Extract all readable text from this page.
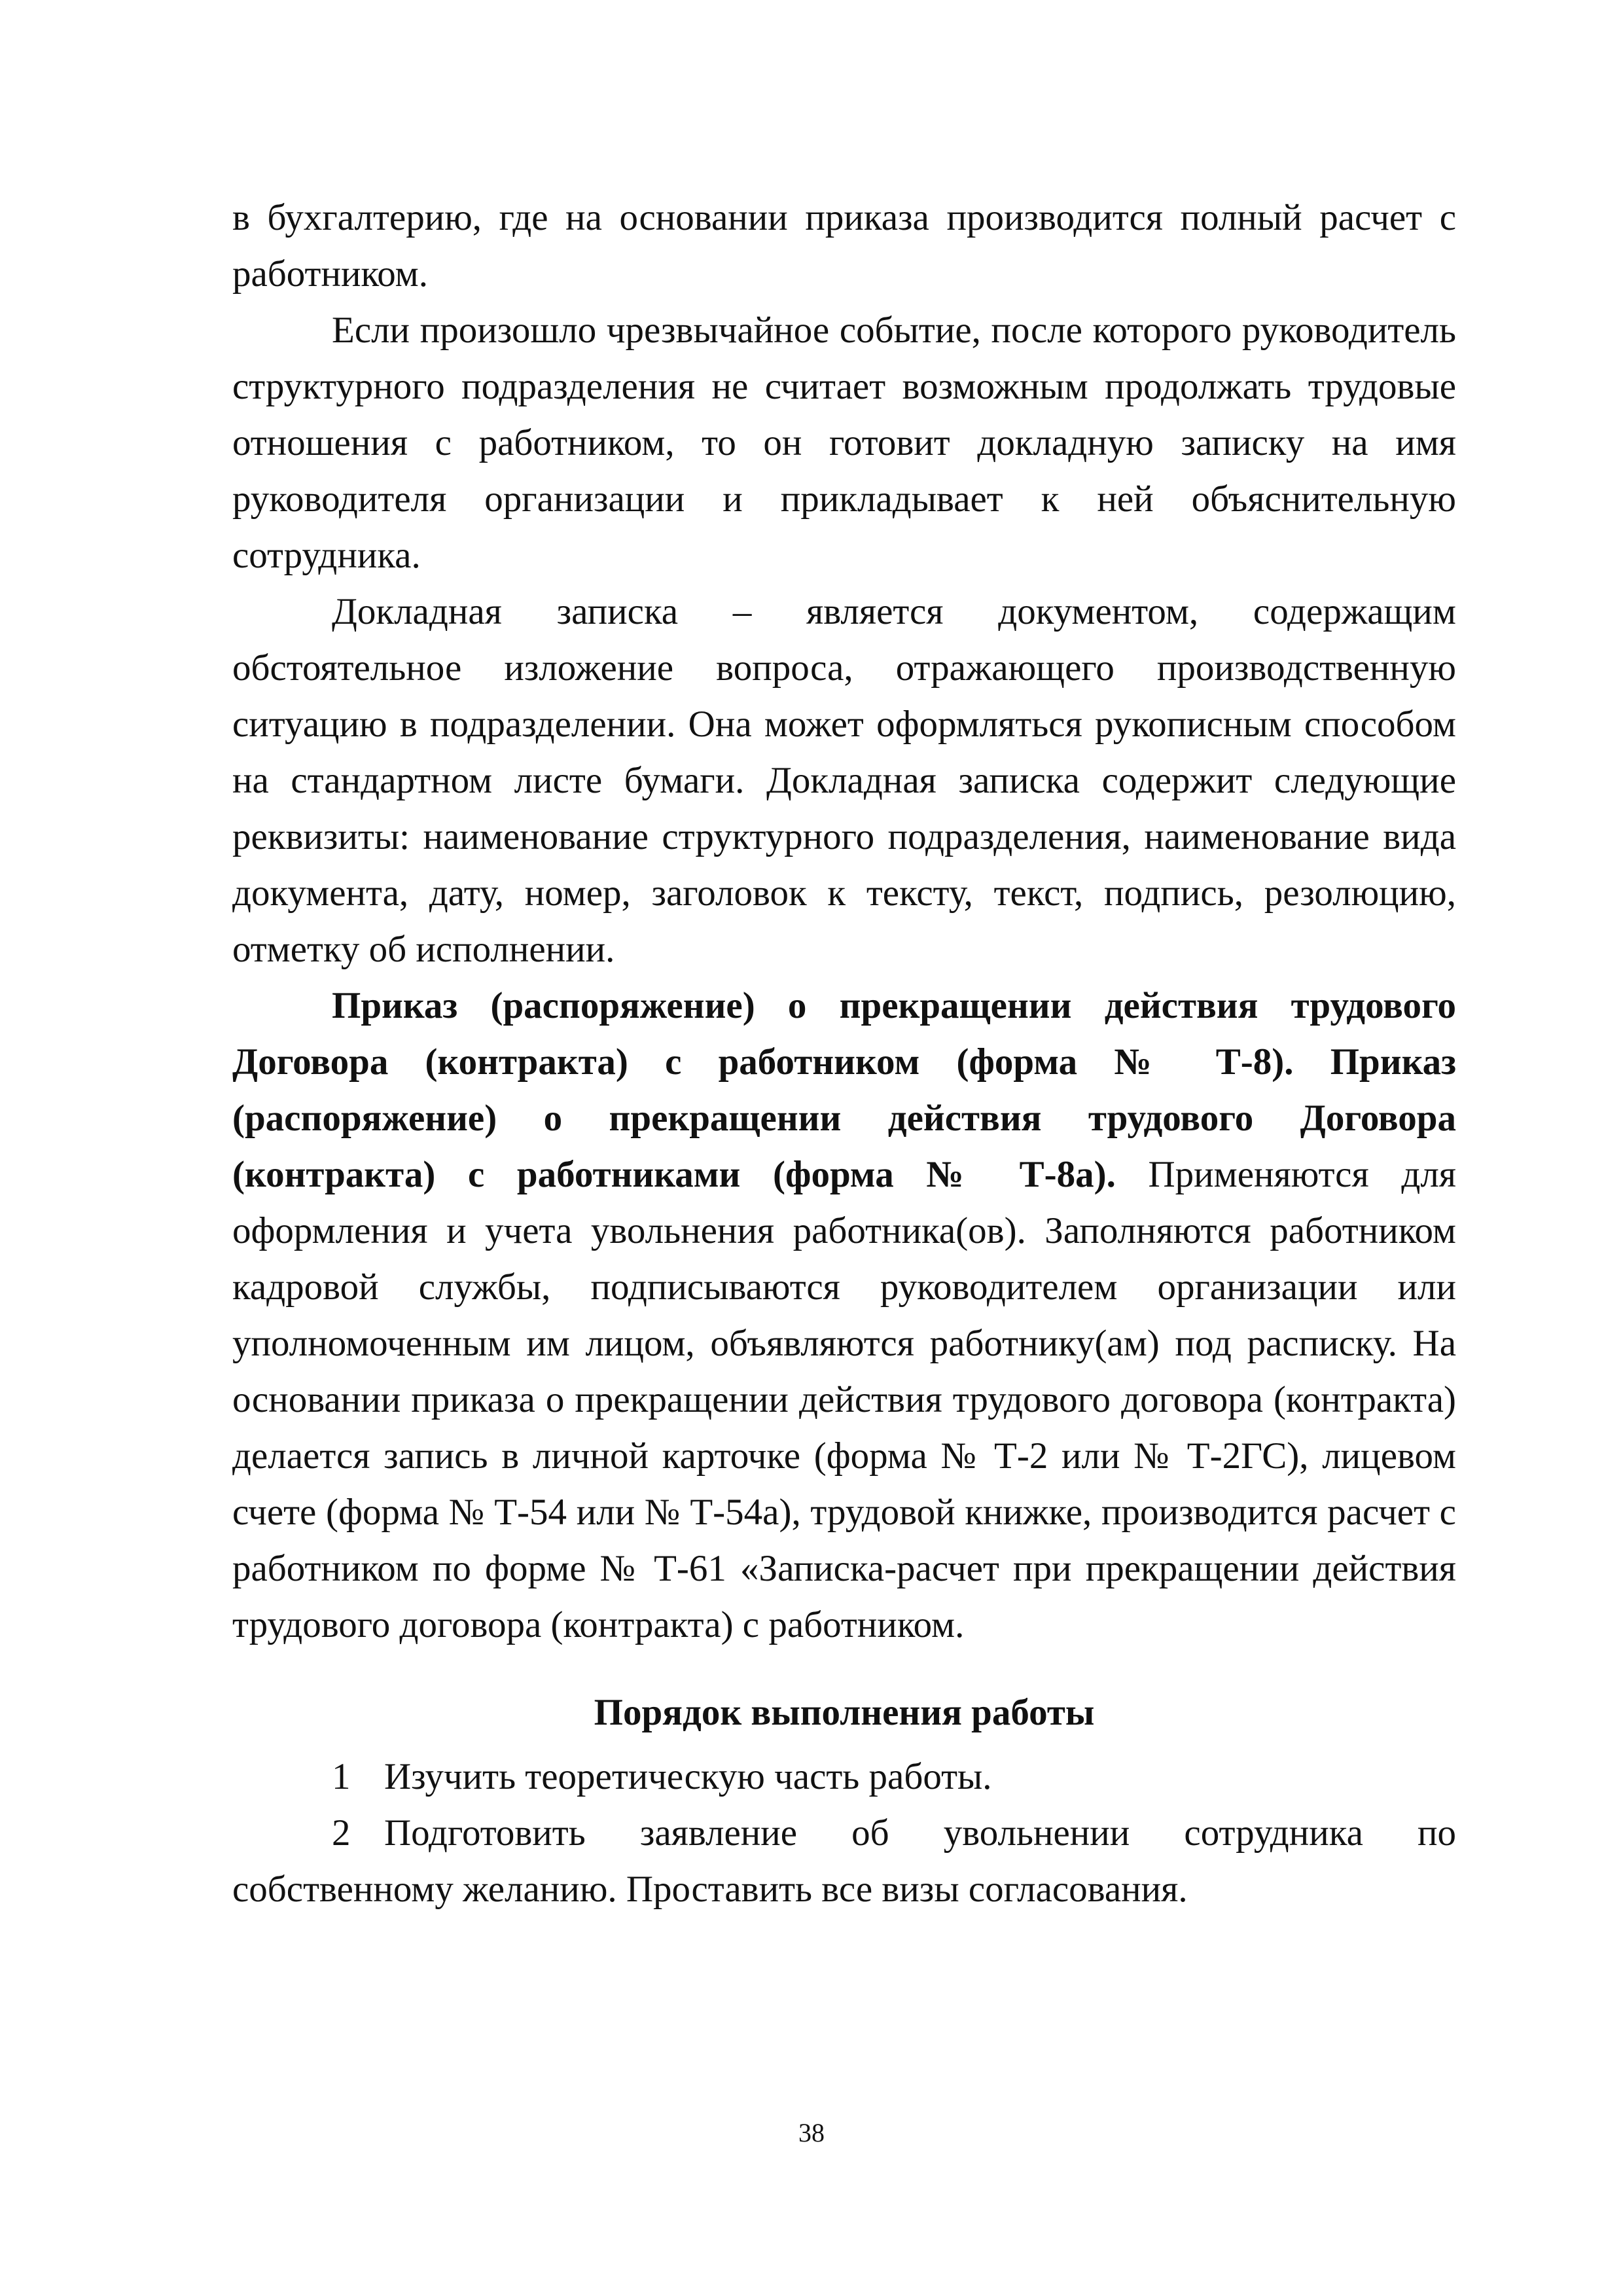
в бухгалтерию, где на основании приказа производится полный расчет с работником.

Если произошло чрезвычайное событие, после которого руководитель структурного подразделения не считает возможным продолжать трудовые отношения с работником, то он готовит докладную записку на имя руководителя организации и прикладывает к ней объяснительную сотрудника.

Докладная записка – является документом, содержащим обстоятельное изложение вопроса, отражающего производственную ситуацию в подразделении. Она может оформляться рукописным способом на стандартном листе бумаги. Докладная записка содержит следующие реквизиты: наименование структурного подразделения, наименование вида документа, дату, номер, заголовок к тексту, текст, подпись, резолюцию, отметку об исполнении.

Приказ (распоряжение) о прекращении действия трудового Договора (контракта) с работником (форма № Т-8). Приказ (распоряжение) о прекращении действия трудового Договора (контракта) с работниками (форма № Т-8а). Применяются для оформления и учета увольнения работника(ов). Заполняются работником кадровой службы, подписываются руководителем организации или уполномоченным им лицом, объявляются работнику(ам) под расписку. На основании приказа о прекращении действия трудового договора (контракта) делается запись в личной карточке (форма № Т-2 или № Т-2ГС), лицевом счете (форма № Т-54 или № Т-54а), трудовой книжке, производится расчет с работником по форме № Т-61 «Записка-расчет при прекращении действия трудового договора (контракта) с работником.

Порядок выполнения работы

1 Изучить теоретическую часть работы.

2 Подготовить заявление об увольнении сотрудника по собственному желанию. Проставить все визы согласования.

38
